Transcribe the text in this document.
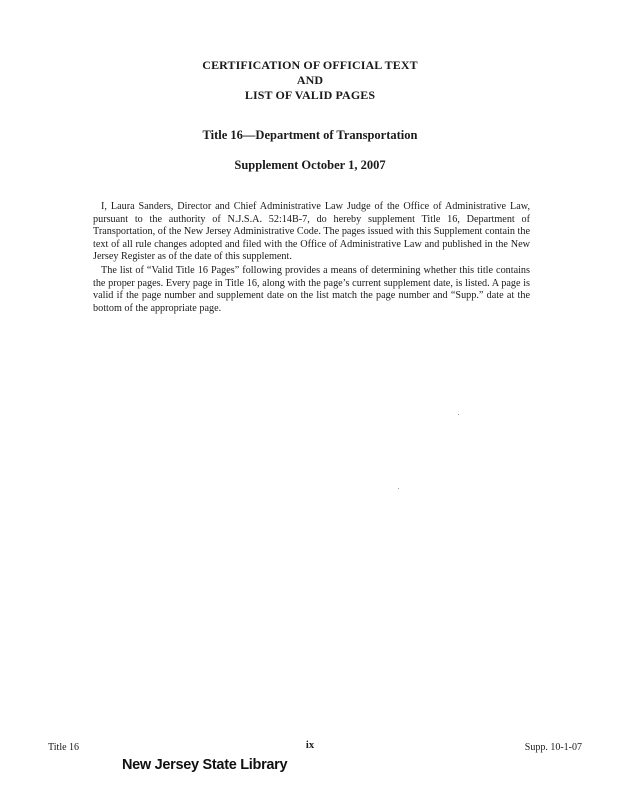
CERTIFICATION OF OFFICIAL TEXT
AND
LIST OF VALID PAGES
Title 16—Department of Transportation
Supplement October 1, 2007
I, Laura Sanders, Director and Chief Administrative Law Judge of the Office of Administrative Law, pursuant to the authority of N.J.S.A. 52:14B-7, do hereby supplement Title 16, Department of Transportation, of the New Jersey Administrative Code. The pages issued with this Supplement contain the text of all rule changes adopted and filed with the Office of Administrative Law and published in the New Jersey Register as of the date of this supplement.
The list of “Valid Title 16 Pages” following provides a means of determining whether this title contains the proper pages. Every page in Title 16, along with the page’s current supplement date, is listed. A page is valid if the page number and supplement date on the list match the page number and “Supp.” date at the bottom of the appropriate page.
Title 16	ix	Supp. 10-1-07
New Jersey State Library
